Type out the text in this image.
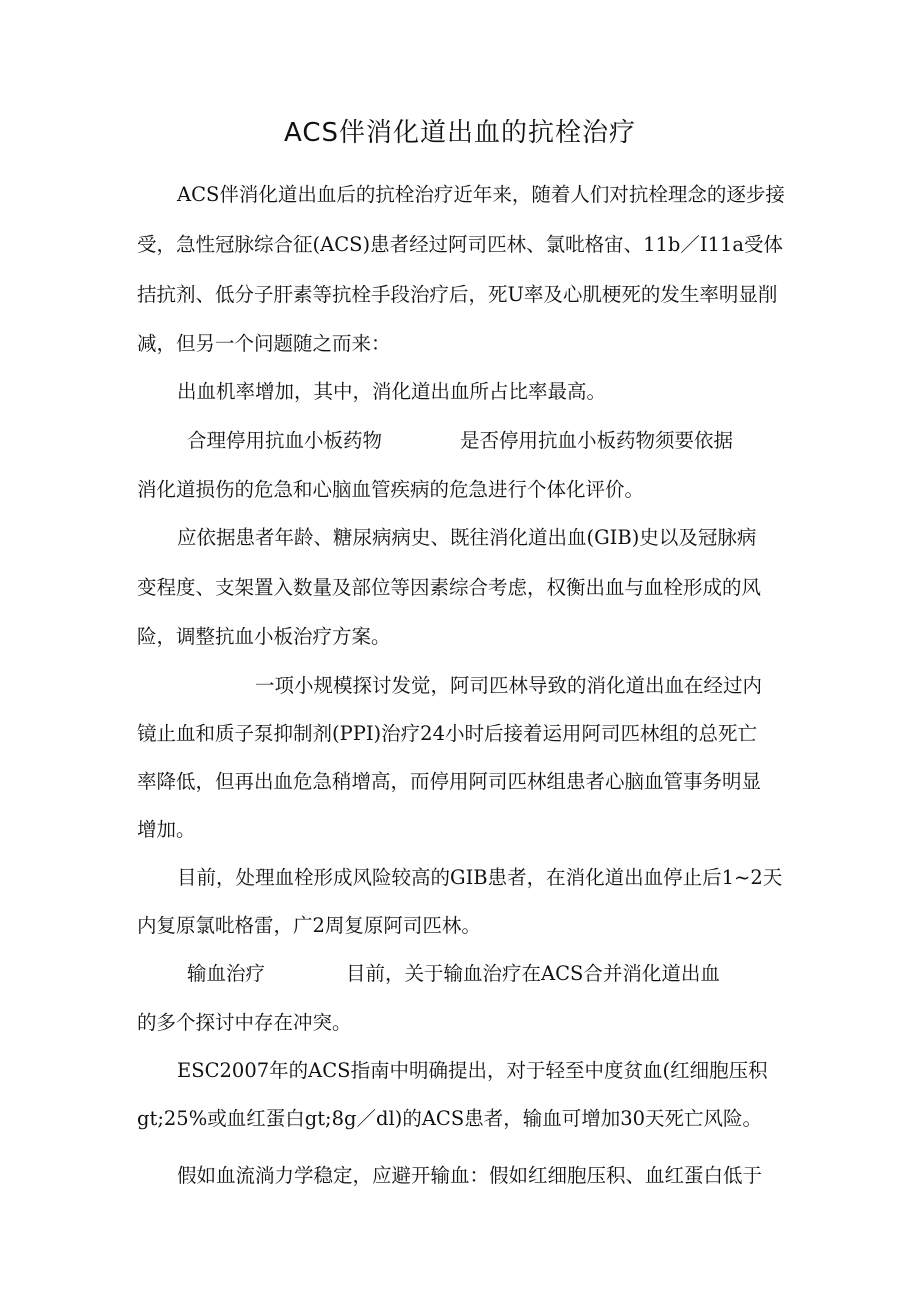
ACS伴消化道出血的抗栓治疗
ACS伴消化道出血后的抗栓治疗近年来，随着人们对抗栓理念的逐步接
受，急性冠脉综合征(ACS)患者经过阿司匹林、氯吡格宙、11b／I11a受体
拮抗剂、低分子肝素等抗栓手段治疗后，死U率及心肌梗死的发生率明显削
减，但另一个问题随之而来：
出血机率增加，其中，消化道出血所占比率最高。
合理停用抗血小板药物	是否停用抗血小板药物须要依据
消化道损伤的危急和心脑血管疾病的危急进行个体化评价。
应依据患者年龄、糖尿病病史、既往消化道出血(GIB)史以及冠脉病
变程度、支架置入数量及部位等因素综合考虑，权衡出血与血栓形成的风
险，调整抗血小板治疗方案。
一项小规模探讨发觉，阿司匹林导致的消化道出血在经过内
镜止血和质子泵抑制剂(PPI)治疗24小时后接着运用阿司匹林组的总死亡
率降低，但再出血危急稍增高，而停用阿司匹林组患者心脑血管事务明显
增加。
目前，处理血栓形成风险较高的GIB患者，在消化道出血停止后1~2天
内复原氯吡格雷，广2周复原阿司匹林。
输血治疗	目前，关于输血治疗在ACS合并消化道出血
的多个探讨中存在冲突。
ESC2007年的ACS指南中明确提出，对于轻至中度贫血(红细胞压积
gt;25%或血红蛋白gt;8g／dl)的ACS患者，输血可增加30天死亡风险。
假如血流淌力学稳定，应避开输血：假如红细胞压积、血红蛋白低于
